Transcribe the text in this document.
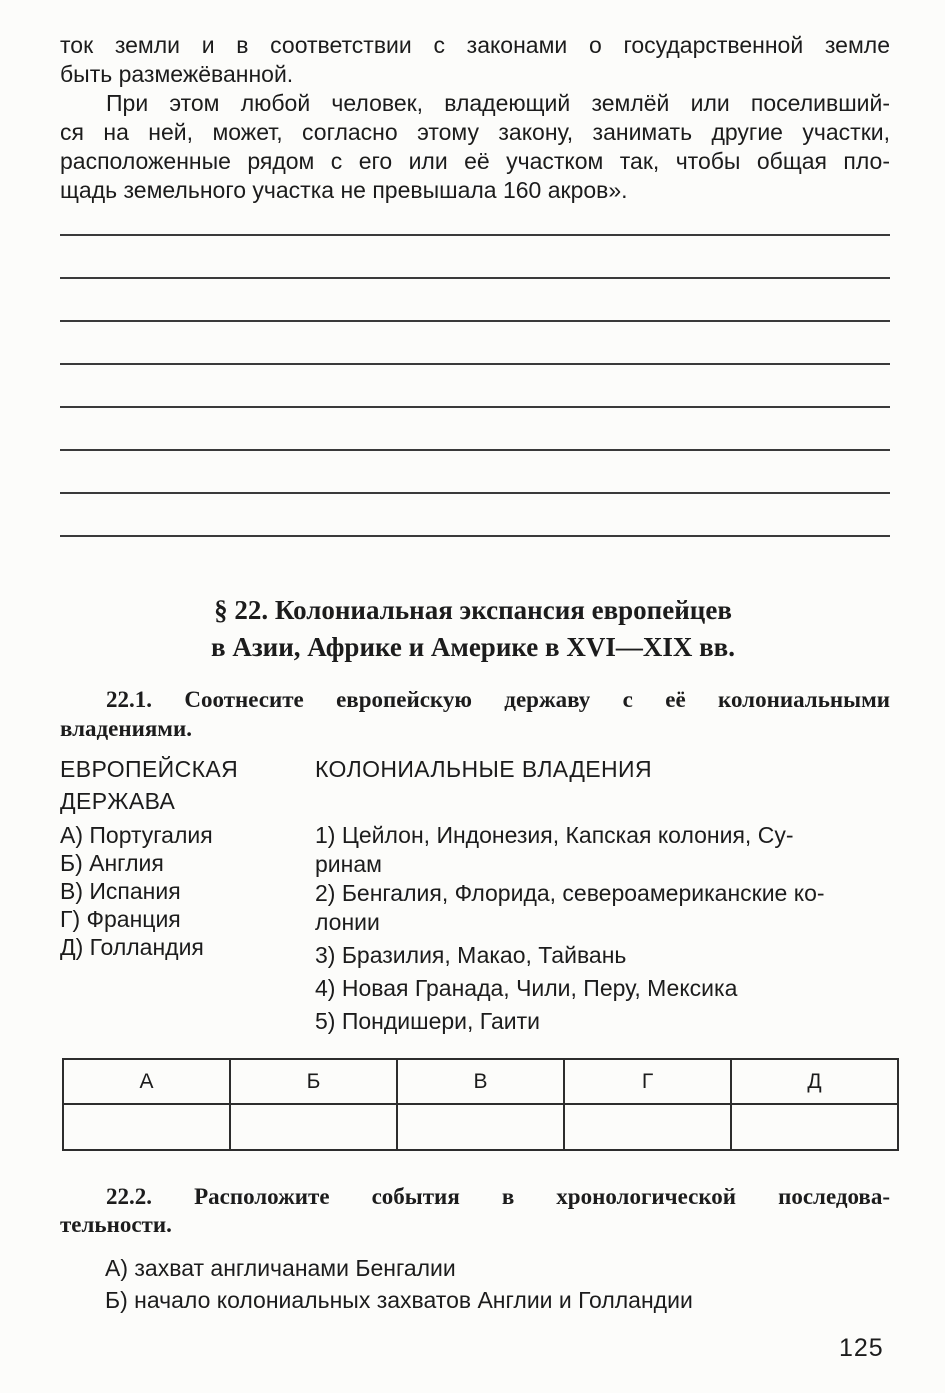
ток земли и в соответствии с законами о государственной земле
быть размежёванной.
При этом любой человек, владеющий землёй или поселивший-
ся на ней, может, согласно этому закону, занимать другие участки,
расположенные рядом с его или её участком так, чтобы общая пло-
щадь земельного участка не превышала 160 акров».
§ 22. Колониальная экспансия европейцев
в Азии, Африке и Америке в XVI—XIX вв.
22.1. Соотнесите европейскую державу с её колониальными
владениями.
ЕВРОПЕЙСКАЯ
ДЕРЖАВА
А) Португалия
Б) Англия
В) Испания
Г) Франция
Д) Голландия
КОЛОНИАЛЬНЫЕ ВЛАДЕНИЯ
1) Цейлон, Индонезия, Капская колония, Су-
ринам
2) Бенгалия, Флорида, североамериканские ко-
лонии
3) Бразилия, Макао, Тайвань
4) Новая Гранада, Чили, Перу, Мексика
5) Пондишери, Гаити
А	Б	В	Г	Д

22.2. Расположите события в хронологической последова-
тельности.
А) захват англичанами Бенгалии
Б) начало колониальных захватов Англии и Голландии
125
